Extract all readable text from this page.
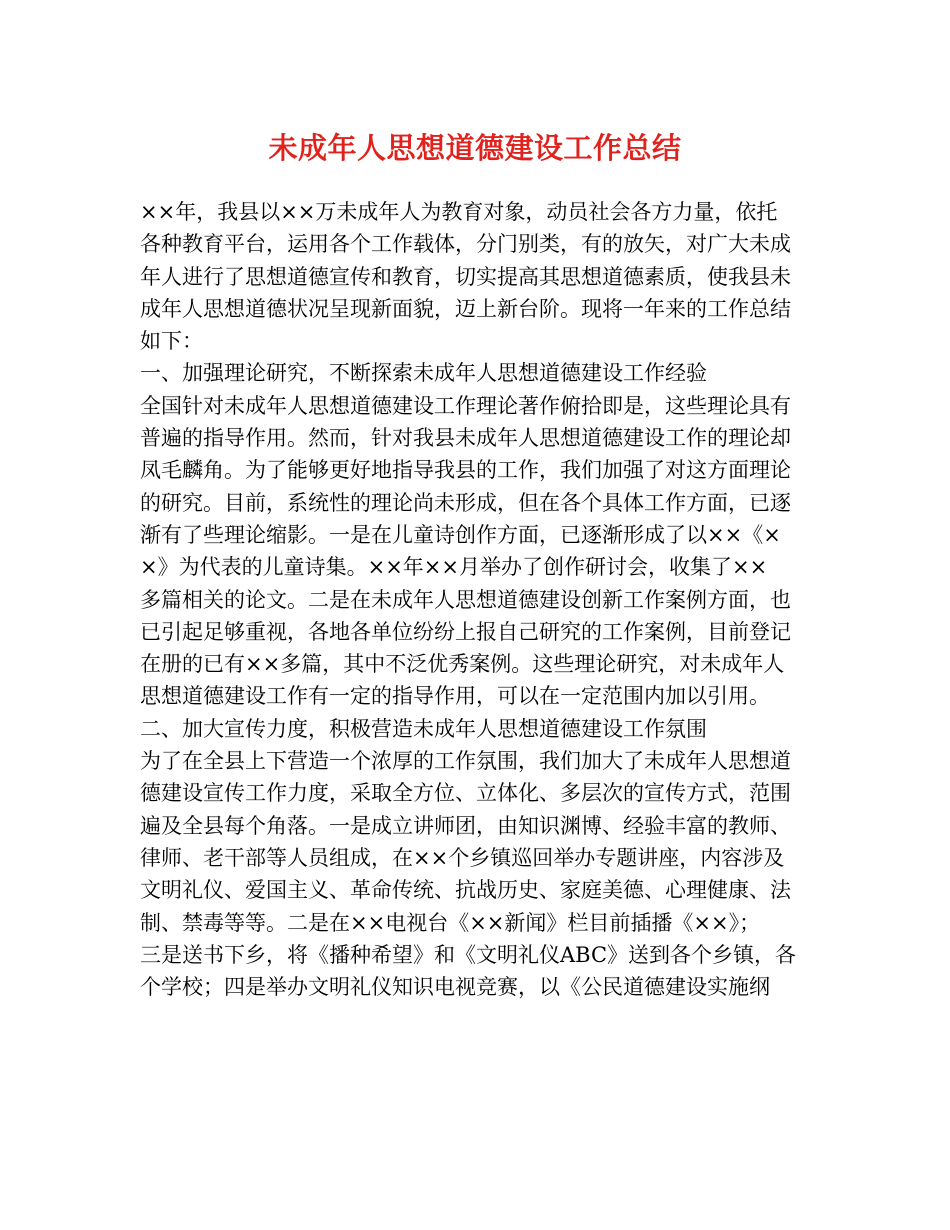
未成年人思想道德建设工作总结
××年，我县以××万未成年人为教育对象，动员社会各方力量，依托
各种教育平台，运用各个工作载体，分门别类，有的放矢，对广大未成
年人进行了思想道德宣传和教育，切实提高其思想道德素质，使我县未
成年人思想道德状况呈现新面貌，迈上新台阶。现将一年来的工作总结
如下：
一、加强理论研究，不断探索未成年人思想道德建设工作经验
全国针对未成年人思想道德建设工作理论著作俯拾即是，这些理论具有
普遍的指导作用。然而，针对我县未成年人思想道德建设工作的理论却
凤毛麟角。为了能够更好地指导我县的工作，我们加强了对这方面理论
的研究。目前，系统性的理论尚未形成，但在各个具体工作方面，已逐
渐有了些理论缩影。一是在儿童诗创作方面，已逐渐形成了以××《×
×》为代表的儿童诗集。××年××月举办了创作研讨会，收集了××
多篇相关的论文。二是在未成年人思想道德建设创新工作案例方面，也
已引起足够重视，各地各单位纷纷上报自己研究的工作案例，目前登记
在册的已有××多篇，其中不泛优秀案例。这些理论研究，对未成年人
思想道德建设工作有一定的指导作用，可以在一定范围内加以引用。
二、加大宣传力度，积极营造未成年人思想道德建设工作氛围
为了在全县上下营造一个浓厚的工作氛围，我们加大了未成年人思想道
德建设宣传工作力度，采取全方位、立体化、多层次的宣传方式，范围
遍及全县每个角落。一是成立讲师团，由知识渊博、经验丰富的教师、
律师、老干部等人员组成，在××个乡镇巡回举办专题讲座，内容涉及
文明礼仪、爱国主义、革命传统、抗战历史、家庭美德、心理健康、法
制、禁毒等等。二是在××电视台《××新闻》栏目前插播《××》；
三是送书下乡，将《播种希望》和《文明礼仪ABC》送到各个乡镇，各
个学校；四是举办文明礼仪知识电视竞赛，以《公民道德建设实施纲
